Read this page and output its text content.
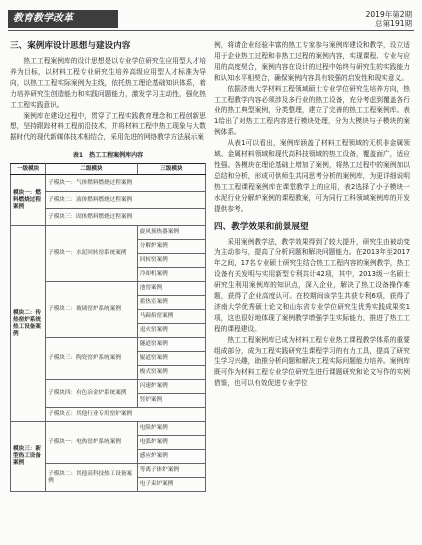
教育教学改革	2019年第2期
总第191期
三、案例库设计思想与建设内容

热工工程案例库的设计思想是以专业学位研究生应用型人才培养为目标，以材料工程专业研究生培养高级应用型人才标准为导向，以热工工程实际案例为主线，依托热工理论基础知识体系，着力培养研究生创造能力和实践问题能力，激发学习主动性，强化热工工程实践意识。

案例库在建设过程中，贯穿了工程实践教育理念和工程创新思想，坚持跟踪材料工程前沿技术，并将材料工程中热工现象与大数据时代的现代新媒体技术相结合，采用先进的网络教学方法展示案

表1　热工工程案例库内容
一级模块	二级模块	三级模块
模块一：燃料燃烧过程案例	子模块一：气体燃料燃烧过程案例	
	子模块二：液体燃料燃烧过程案例	
	子模块三：固体燃料燃烧过程案例	
模块二：传热窑炉系统热工设备案例	子模块一：水泥回转窑系统案例	旋风预热器案例
		分解炉案例
		回转窑案例
		冷却机案例
	子模块二：玻璃窑炉系统案例	池窑案例
		蓄热室案例
		马蹄焰窑案例
		退火窑案例
	子模块三：陶瓷窑炉系统案例	隧道窑案例
		辊道窑案例
		梭式窑案例
	子模块四：有色冶金炉系统案例	闪速炉案例
		竖炉案例
	子模块五：其他行业专用窑炉案例	
模块三：新型热工设备案例	子模块一：电热窑炉系统案例	电阻炉案例
		电弧炉案例
		感应炉案例
	子模块二：其他高科技热工设备案例	等离子体炉案例
		电子束炉案例

例，将请企业经验丰富的热工专家参与案例库建设和教学，设立适用于企业热工过程和非热工过程的案例内容，实现课程、专业与应用的高度契合，案例内容在设计的过程中始终与研究生的实践能力和认知水平相契合，确保案例内容具有较强的启发性和现实意义。

依据济南大学材料工程领域硕士专业学位研究生培养方向，热工工程教学内容必须涉及多行业的热工设备，充分考虑到覆盖各行业的热工典型案例，分类整理，建立了完善的热工工程案例库。表1给出了对热工工程内容进行模块处理，分为大模块与子模块的案例体系。

从表1可以看出，案例库涵盖了材料工程领域的无机非金属领域、金属材料领域和现代高科技领域的热工设备，覆盖面广，适应性强。各模块在理论基础上增加了案例，将热工过程中的案例加以总结和分析，形成可供师生共同思考分析的案例库，为更详细说明热工工程课程案例库在课堂教学上的应用，表2选择了小子模块一水泥行业分解炉案例的课程教案，可为同行工科领域案例库的开发提供参考。

四、教学效果和前景展望

采用案例教学法，教学效果得到了较大提升，研究生由被动变为主动参与，提高了分析问题和解决问题能力。在2013年至2017年之间，17名专业硕士研究生结合热工工程内容的案例教学，热工设备有关发明与实用新型专利共计42项，其中，2013级一名硕士研究生利用案例库的知识点，深入企业，解决了热工设备操作难题，获得了企业高度认可。在校期间该学生共获专利6项，获得了济南大学优秀硕士论文和山东省专业学位研究生优秀实践成果奖1项，这也很好地体现了案例教学增强学生实际能力，推进了热工工程的课程建设。

热工工程案例库已成为材料工程专业热工课程教学体系的重要组成部分，成为工程实践研究生课程学习的有力工具，提高了研究生学习兴趣，助推分析问题和解决工程实际问题能力培养。案例库既可作为材料工程专业学位研究生进行课题研究和论文写作的实例借鉴，也可以有效促进专业学位
